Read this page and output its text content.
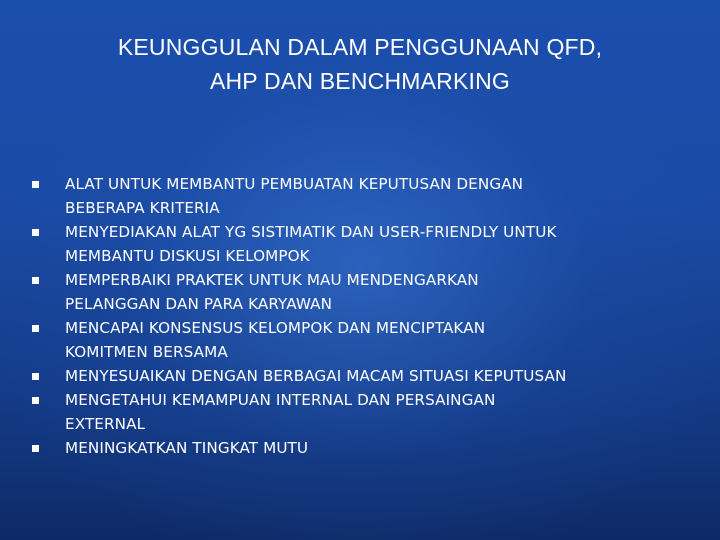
KEUNGGULAN DALAM PENGGUNAAN QFD,
AHP DAN BENCHMARKING
ALAT UNTUK MEMBANTU PEMBUATAN KEPUTUSAN DENGAN
BEBERAPA KRITERIA
MENYEDIAKAN ALAT YG SISTIMATIK DAN USER-FRIENDLY UNTUK
MEMBANTU DISKUSI KELOMPOK
MEMPERBAIKI PRAKTEK UNTUK MAU MENDENGARKAN
PELANGGAN DAN PARA KARYAWAN
MENCAPAI KONSENSUS KELOMPOK DAN MENCIPTAKAN
KOMITMEN BERSAMA
MENYESUAIKAN DENGAN BERBAGAI MACAM SITUASI KEPUTUSAN
MENGETAHUI KEMAMPUAN INTERNAL DAN PERSAINGAN
EXTERNAL
MENINGKATKAN TINGKAT MUTU
